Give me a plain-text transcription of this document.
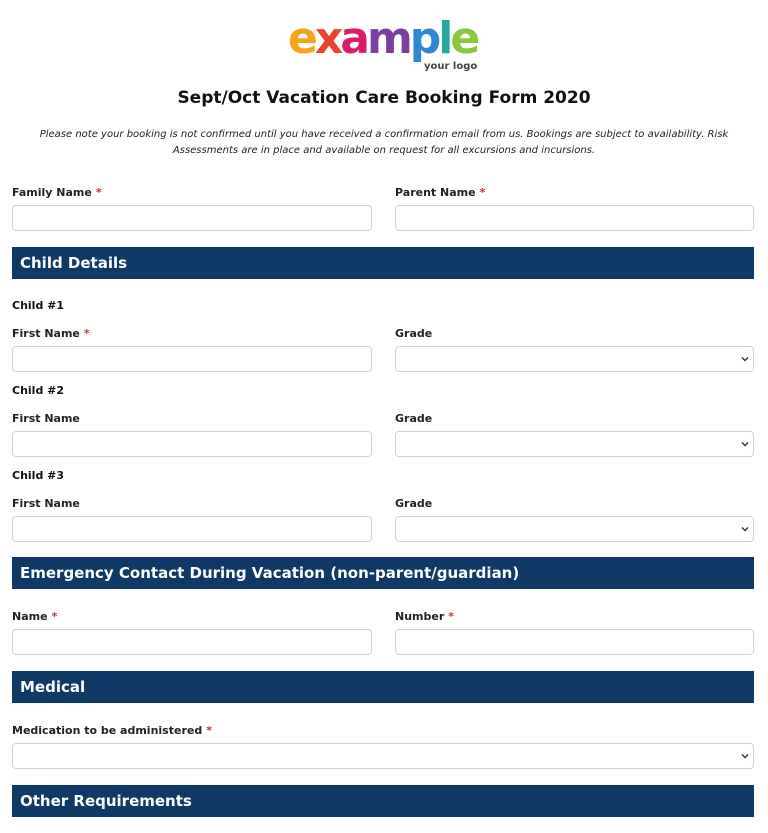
example
your logo
Sept/Oct Vacation Care Booking Form 2020
Please note your booking is not confirmed until you have received a confirmation email from us. Bookings are subject to availability. Risk Assessments are in place and available on request for all excursions and incursions.
Family Name *	Parent Name *
Child Details
Child #1
First Name *	Grade
Child #2
First Name	Grade
Child #3
First Name	Grade
Emergency Contact During Vacation (non-parent/guardian)
Name *	Number *
Medical
Medication to be administered *
Other Requirements
